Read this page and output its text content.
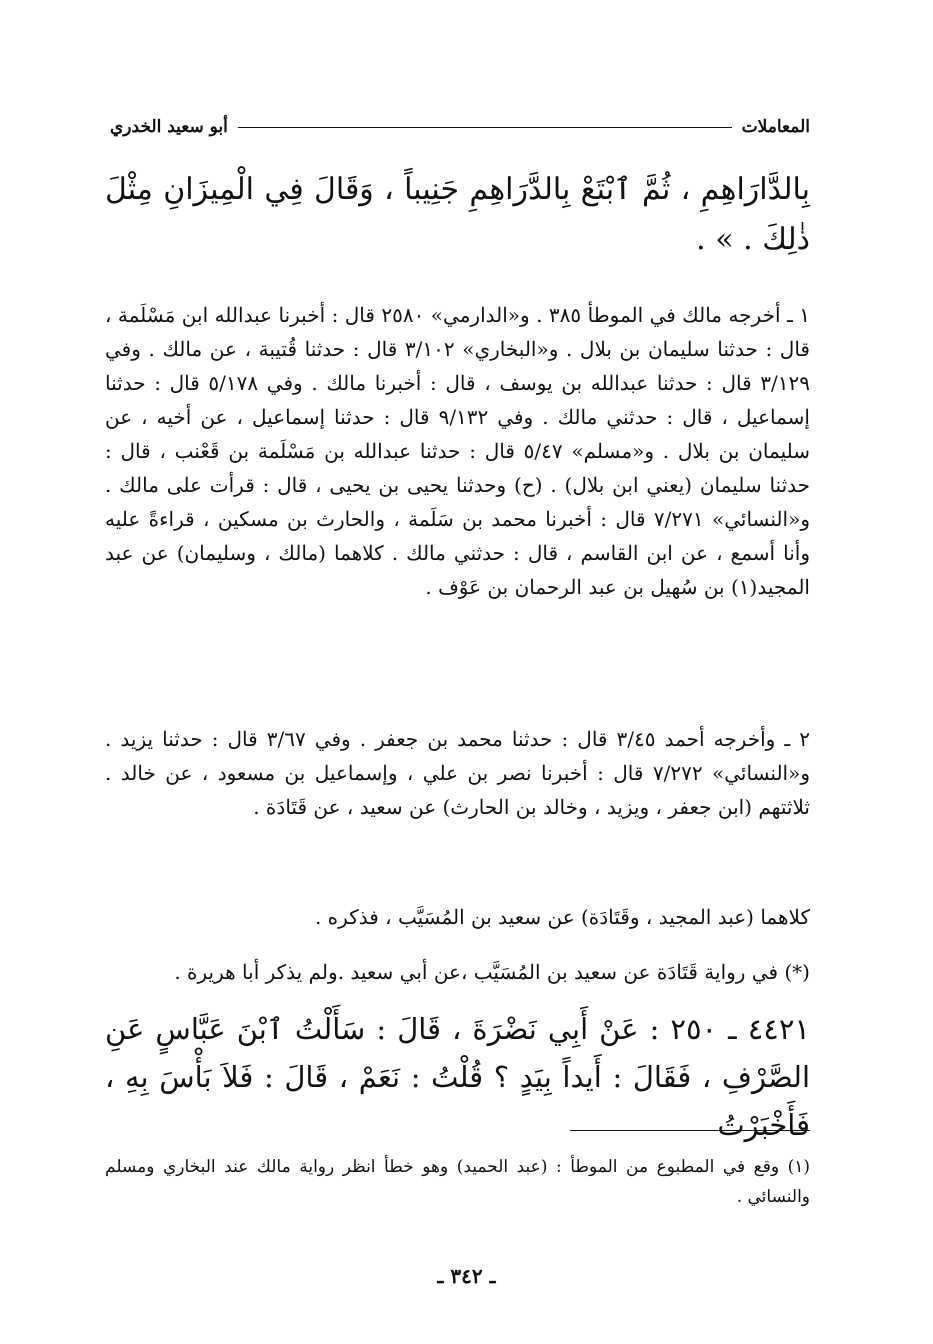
المعاملات
أبو سعيد الخدري
بِالدَّارَاهِمِ ، ثُمَّ ٱبْتَعْ بِالدَّرَاهِمِ جَنِيباً ، وَقَالَ فِي الْمِيزَانِ مِثْلَ ذٰلِكَ . » .
١ ـ أخرجه مالك في الموطأ ٣٨٥ . و«الدارمي» ٢٥٨٠ قال : أخبرنا عبدالله ابن مَسْلَمة ، قال : حدثنا سليمان بن بلال . و«البخاري» ٣/١٠٢ قال : حدثنا قُتيبة ، عن مالك . وفي ٣/١٢٩ قال : حدثنا عبدالله بن يوسف ، قال : أخبرنا مالك . وفي ٥/١٧٨ قال : حدثنا إسماعيل ، قال : حدثني مالك . وفي ٩/١٣٢ قال : حدثنا إسماعيل ، عن أخيه ، عن سليمان بن بلال . و«مسلم» ٥/٤٧ قال : حدثنا عبدالله بن مَسْلَمة بن قَعْنب ، قال : حدثنا سليمان (يعني ابن بلال) . (ح) وحدثنا يحيى بن يحيى ، قال : قرأت على مالك . و«النسائي» ٧/٢٧١ قال : أخبرنا محمد بن سَلَمة ، والحارث بن مسكين ، قراءةً عليه وأنا أسمع ، عن ابن القاسم ، قال : حدثني مالك . كلاهما (مالك ، وسليمان) عن عبد المجيد(١) بن سُهيل بن عبد الرحمان بن عَوْف .
٢ ـ وأخرجه أحمد ٣/٤٥ قال : حدثنا محمد بن جعفر . وفي ٣/٦٧ قال : حدثنا يزيد . و«النسائي» ٧/٢٧٢ قال : أخبرنا نصر بن علي ، وإسماعيل بن مسعود ، عن خالد . ثلاثتهم (ابن جعفر ، ويزيد ، وخالد بن الحارث) عن سعيد ، عن قَتَادَة .
كلاهما (عبد المجيد ، وقَتَادَة) عن سعيد بن المُسَيَّب ، فذكره .
(*) في رواية قَتَادَة عن سعيد بن المُسَيَّب ،عن أبي سعيد .ولم يذكر أبا هريرة .
٤٤٢١ ـ ٢٥٠ : عَنْ أَبِي نَضْرَةَ ، قَالَ : سَأَلْتُ ٱبْنَ عَبَّاسٍ عَنِ الصَّرْفِ ، فَقَالَ : أَيداً بِيَدٍ ؟ قُلْتُ : نَعَمْ ، قَالَ : فَلاَ بَأْسَ بِهِ ، فَأَخْبَرْتُ
(١) وقع في المطبوع من الموطأ : (عبد الحميد) وهو خطأ انظر رواية مالك عند البخاري ومسلم والنسائي .
ـ ٣٤٢ ـ
